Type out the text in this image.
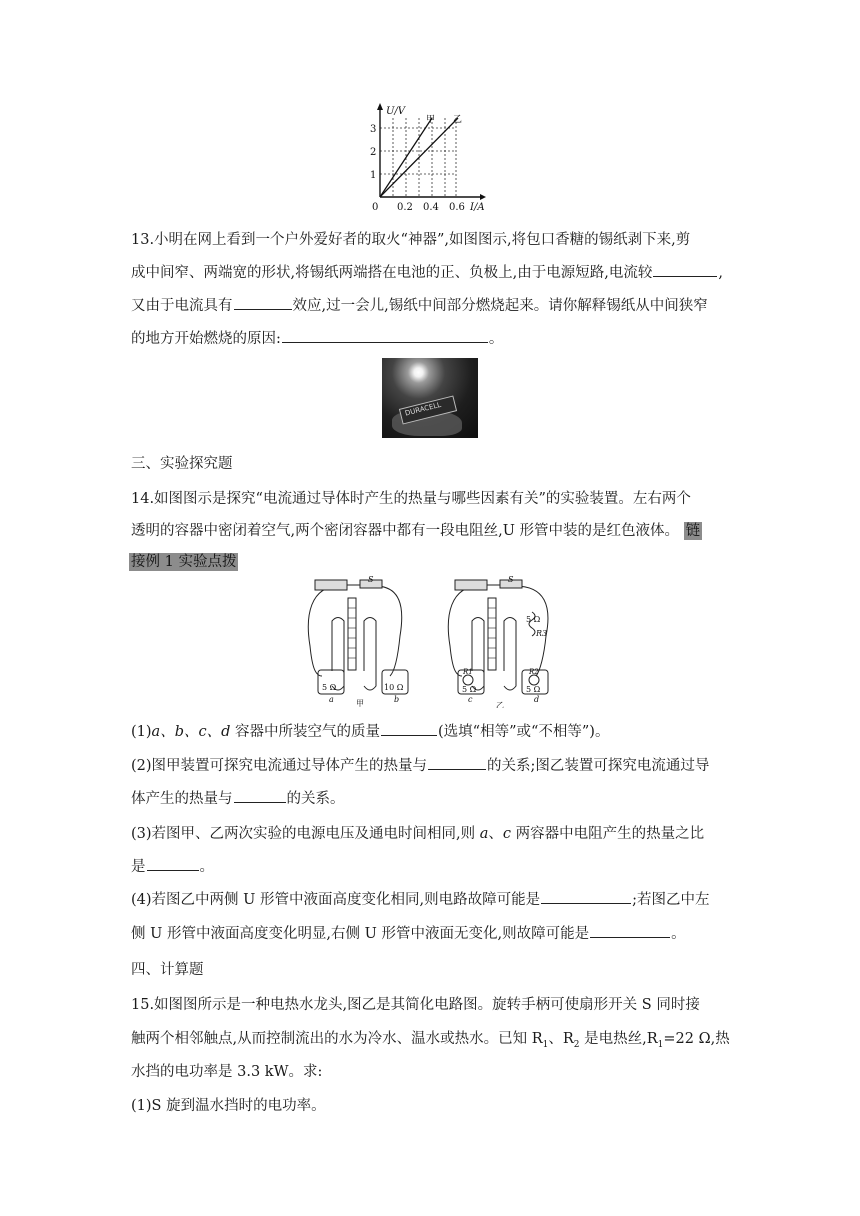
U/V
I/A
3
2
1
0 0.2 0.4 0.6
甲 乙
13.小明在网上看到一个户外爱好者的取火“神器”,如图图示,将包口香糖的锡纸剥下来,剪
成中间窄、两端宽的形状,将锡纸两端搭在电池的正、负极上,由于电源短路,电流较	,
又由于电流具有	效应,过一会儿,锡纸中间部分燃烧起来。请你解释锡纸从中间狭窄
的地方开始燃烧的原因:	。
DURACELL
三、实验探究题
14.如图图示是探究“电流通过导体时产生的热量与哪些因素有关”的实验装置。左右两个
透明的容器中密闭着空气,两个密闭容器中都有一段电阻丝,U 形管中装的是红色液体。 链
接例 1 实验点拨
S	S
5 Ω	10 Ω	5 Ω	5 Ω
5 Ω
R3
R1	R2
a	b	c	d
甲	乙
(1)a、b、c、d 容器中所装空气的质量	(选填“相等”或“不相等”)。
(2)图甲装置可探究电流通过导体产生的热量与	的关系;图乙装置可探究电流通过导
体产生的热量与	的关系。
(3)若图甲、乙两次实验的电源电压及通电时间相同,则 a、c 两容器中电阻产生的热量之比
是	。
(4)若图乙中两侧 U 形管中液面高度变化相同,则电路故障可能是	;若图乙中左
侧 U 形管中液面高度变化明显,右侧 U 形管中液面无变化,则故障可能是	。
四、计算题
15.如图图所示是一种电热水龙头,图乙是其简化电路图。旋转手柄可使扇形开关 S 同时接
触两个相邻触点,从而控制流出的水为冷水、温水或热水。已知 $R_1$、$R_2$ 是电热丝$,R_1=22$ Ω,热
水挡的电功率是 3.3 kW。求:
(1)S 旋到温水挡时的电功率。
